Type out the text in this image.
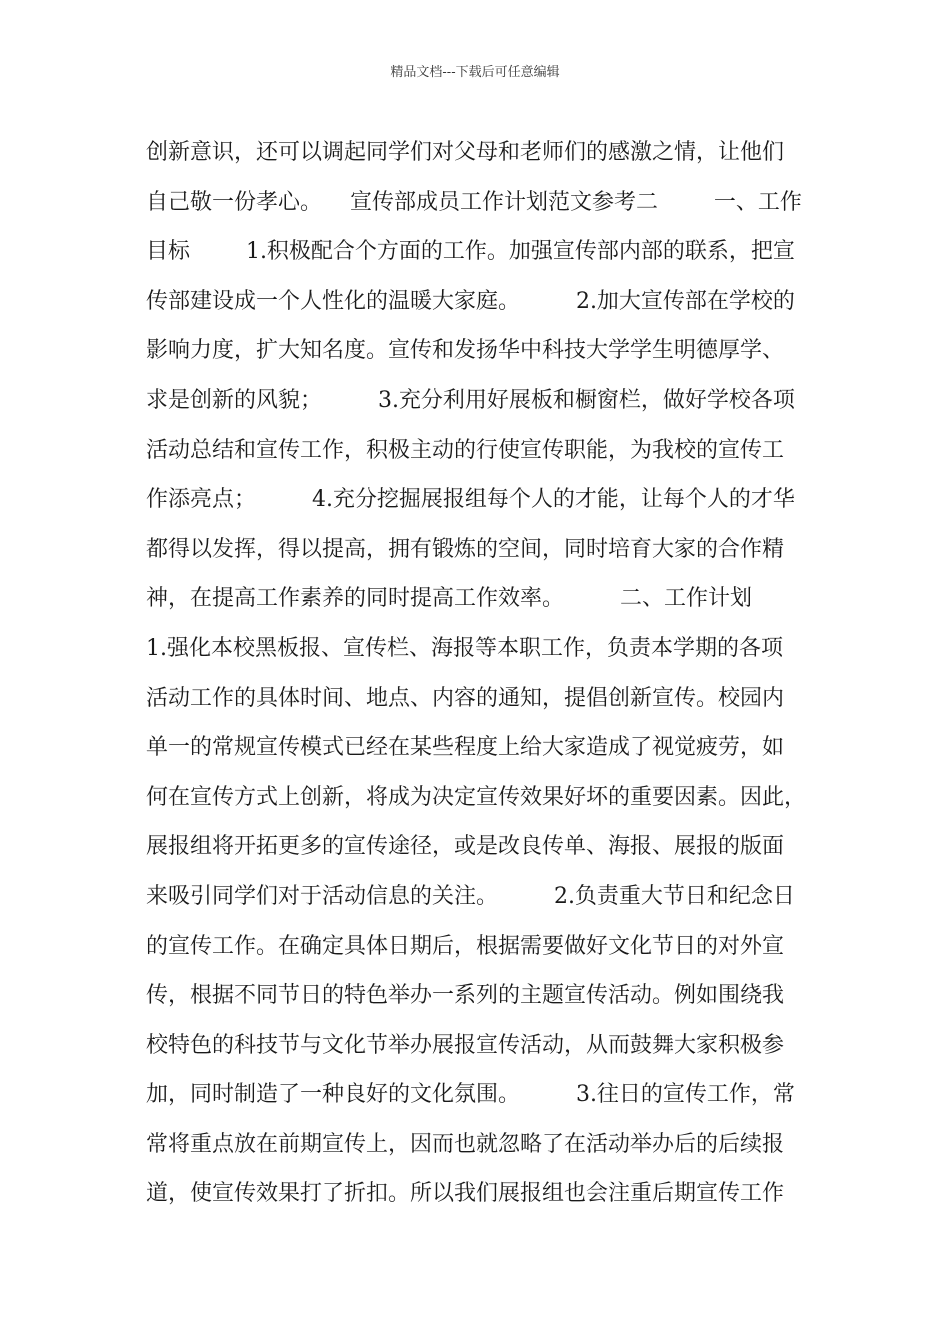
精品文档---下载后可任意编辑
创新意识，还可以调起同学们对父母和老师们的感激之情，让他们
自己敬一份孝心。    宣传部成员工作计划范文参考二        一、工作
目标        1.积极配合个方面的工作。加强宣传部内部的联系，把宣
传部建设成一个人性化的温暖大家庭。        2.加大宣传部在学校的
影响力度，扩大知名度。宣传和发扬华中科技大学学生明德厚学、
求是创新的风貌；        3.充分利用好展板和橱窗栏，做好学校各项
活动总结和宣传工作，积极主动的行使宣传职能，为我校的宣传工
作添亮点；        4.充分挖掘展报组每个人的才能，让每个人的才华
都得以发挥，得以提高，拥有锻炼的空间，同时培育大家的合作精
神，在提高工作素养的同时提高工作效率。        二、工作计划
1.强化本校黑板报、宣传栏、海报等本职工作，负责本学期的各项
活动工作的具体时间、地点、内容的通知，提倡创新宣传。校园内
单一的常规宣传模式已经在某些程度上给大家造成了视觉疲劳，如
何在宣传方式上创新，将成为决定宣传效果好坏的重要因素。因此，
展报组将开拓更多的宣传途径，或是改良传单、海报、展报的版面
来吸引同学们对于活动信息的关注。        2.负责重大节日和纪念日
的宣传工作。在确定具体日期后，根据需要做好文化节日的对外宣
传，根据不同节日的特色举办一系列的主题宣传活动。例如围绕我
校特色的科技节与文化节举办展报宣传活动，从而鼓舞大家积极参
加，同时制造了一种良好的文化氛围。        3.往日的宣传工作，常
常将重点放在前期宣传上，因而也就忽略了在活动举办后的后续报
道，使宣传效果打了折扣。所以我们展报组也会注重后期宣传工作
